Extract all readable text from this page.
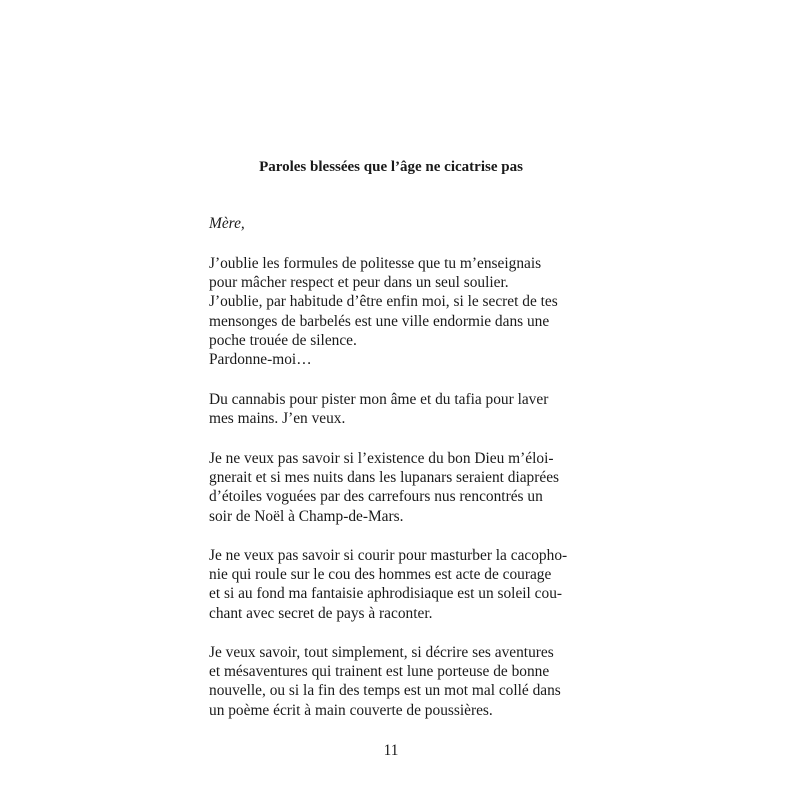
Paroles blessées que l’âge ne cicatrise pas
Mère,
J’oublie les formules de politesse que tu m’enseignais
pour mâcher respect et peur dans un seul soulier.
J’oublie, par habitude d’être enfin moi, si le secret de tes
mensonges de barbelés est une ville endormie dans une
poche trouée de silence.
Pardonne-moi…
Du cannabis pour pister mon âme et du tafia pour laver
mes mains. J’en veux.
Je ne veux pas savoir si l’existence du bon Dieu m’éloi-
gnerait et si mes nuits dans les lupanars seraient diaprées
d’étoiles voguées par des carrefours nus rencontrés un
soir de Noël à Champ-de-Mars.
Je ne veux pas savoir si courir pour masturber la cacopho-
nie qui roule sur le cou des hommes est acte de courage
et si au fond ma fantaisie aphrodisiaque est un soleil cou-
chant avec secret de pays à raconter.
Je veux savoir, tout simplement, si décrire ses aventures
et mésaventures qui trainent est lune porteuse de bonne
nouvelle, ou si la fin des temps est un mot mal collé dans
un poème écrit à main couverte de poussières.
11
